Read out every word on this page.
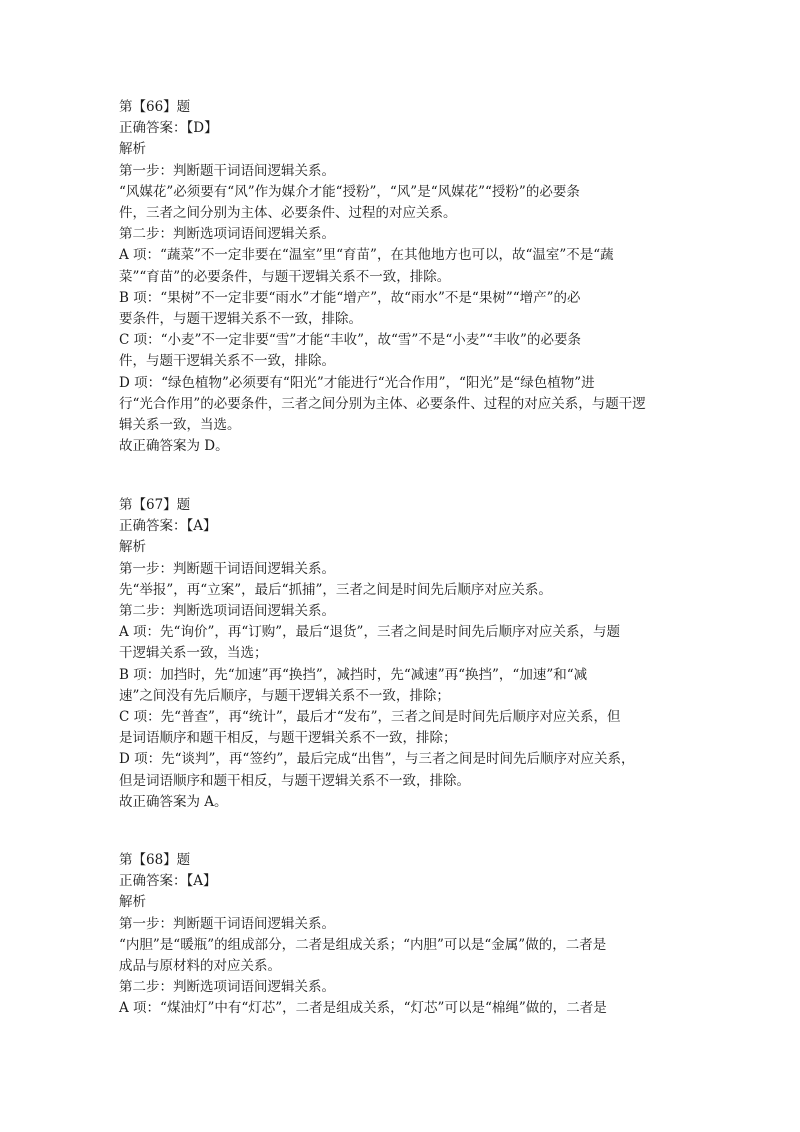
第【66】题

正确答案：【D】

解析

第一步：判断题干词语间逻辑关系。

“风媒花”必须要有“风”作为媒介才能“授粉”，“风”是“风媒花”“授粉”的必要条

件，三者之间分别为主体、必要条件、过程的对应关系。

第二步：判断选项词语间逻辑关系。

A 项：“蔬菜”不一定非要在“温室”里“育苗”，在其他地方也可以，故“温室”不是“蔬

菜”“育苗”的必要条件，与题干逻辑关系不一致，排除。

B 项：“果树”不一定非要“雨水”才能“增产”，故“雨水”不是“果树”“增产”的必

要条件，与题干逻辑关系不一致，排除。

C 项：“小麦”不一定非要“雪”才能“丰收”，故“雪”不是“小麦”“丰收”的必要条

件，与题干逻辑关系不一致，排除。

D 项：“绿色植物”必须要有“阳光”才能进行“光合作用”，“阳光”是“绿色植物”进

行“光合作用”的必要条件，三者之间分别为主体、必要条件、过程的对应关系，与题干逻

辑关系一致，当选。

故正确答案为 D。

第【67】题

正确答案：【A】

解析

第一步：判断题干词语间逻辑关系。

先“举报”，再“立案”，最后“抓捕”，三者之间是时间先后顺序对应关系。

第二步：判断选项词语间逻辑关系。

A 项：先“询价”，再“订购”，最后“退货”，三者之间是时间先后顺序对应关系，与题

干逻辑关系一致，当选；

B 项：加挡时，先“加速”再“换挡”，减挡时，先“减速”再“换挡”，“加速”和“减

速”之间没有先后顺序，与题干逻辑关系不一致，排除；

C 项：先“普查”，再“统计”，最后才“发布”，三者之间是时间先后顺序对应关系，但

是词语顺序和题干相反，与题干逻辑关系不一致，排除；

D 项：先“谈判”，再“签约”，最后完成“出售”，与三者之间是时间先后顺序对应关系，

但是词语顺序和题干相反，与题干逻辑关系不一致，排除。

故正确答案为 A。

第【68】题

正确答案：【A】

解析

第一步：判断题干词语间逻辑关系。

“内胆”是“暖瓶”的组成部分，二者是组成关系；“内胆”可以是“金属”做的，二者是

成品与原材料的对应关系。

第二步：判断选项词语间逻辑关系。

A 项：“煤油灯”中有“灯芯”，二者是组成关系，“灯芯”可以是“棉绳”做的，二者是
